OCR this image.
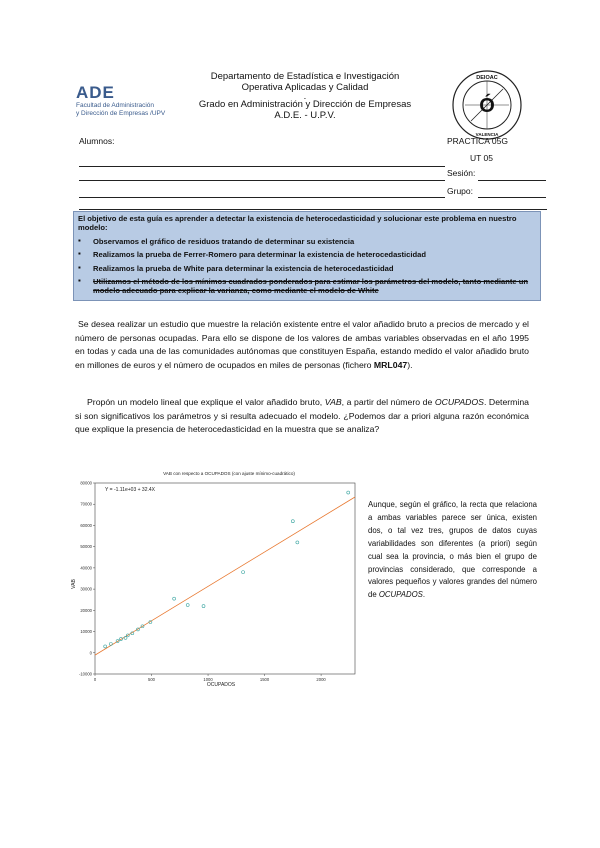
ADE
Facultad de Administración
y Dirección de Empresas /UPV
Departamento de Estadística e Investigación
Operativa Aplicadas y Calidad
.
Grado en Administración y Dirección de Empresas
A.D.E. - U.P.V.	Ó
DEIOAC
VALENCIA
Alumnos:	PRACTICA 05G
UT 05
Sesión:
Grupo:
El objetivo de esta guía es aprender a detectar la existencia de heterocedasticidad y solucionar este problema en nuestro modelo:
▪ Observamos el gráfico de residuos tratando de determinar su existencia
▪ Realizamos la prueba de Ferrer-Romero para determinar la existencia de heterocedasticidad
▪ Realizamos la prueba de White para determinar la existencia de heterocedasticidad
▪ Utilizamos el método de los mínimos cuadrados ponderados para estimar los parámetros del modelo, tanto mediante un modelo adecuado para explicar la varianza, como mediante el modelo de White
Se desea realizar un estudio que muestre la relación existente entre el valor añadido bruto a precios de mercado y el número de personas ocupadas. Para ello se dispone de los valores de ambas variables observadas en el año 1995 en todas y cada una de las comunidades autónomas que constituyen España, estando medido el valor añadido bruto en millones de euros y el número de ocupados en miles de personas (fichero MRL047).
Propón un modelo lineal que explique el valor añadido bruto, VAB, a partir del número de OCUPADOS. Determina si son significativos los parámetros y si resulta adecuado el modelo. ¿Podemos dar a priori alguna razón económica que explique la presencia de heterocedasticidad en la muestra que se analiza?
VAB con respecto a OCUPADOS (con ajuste mínimo-cuadrático)
-10000
0
10000
20000
30000
40000
50000
60000
70000
80000
0	500	1000	1500	2000
Y = -1.11e+03 + 32.4X
OCUPADOS
VAB
Aunque, según el gráfico, la recta que relaciona a ambas variables parece ser única, existen dos, o tal vez tres, grupos de datos cuyas variabilidades son diferentes (a priori) según cual sea la provincia, o más bien el grupo de provincias considerado, que corresponde a valores pequeños y valores grandes del número de OCUPADOS.
